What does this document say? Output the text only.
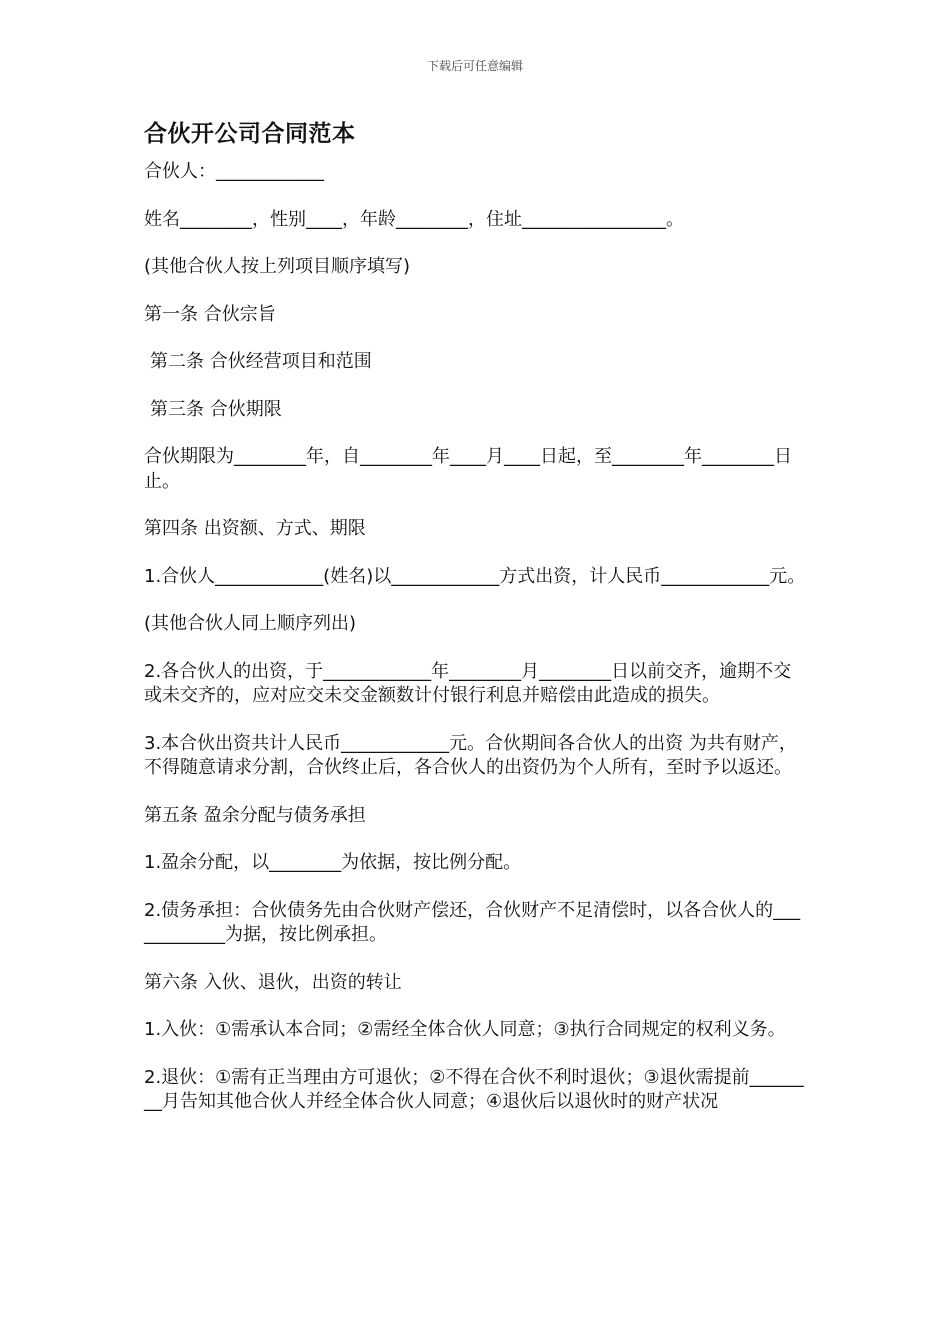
下载后可任意编辑
合伙开公司合同范本
合伙人：____________
姓名________，性别____，年龄________，住址________________。
(其他合伙人按上列项目顺序填写)
第一条 合伙宗旨
第二条 合伙经营项目和范围
第三条 合伙期限
合伙期限为________年，自________年____月____日起，至________年________日止。
第四条 出资额、方式、期限
1.合伙人____________(姓名)以____________方式出资，计人民币____________元。
(其他合伙人同上顺序列出)
2.各合伙人的出资，于____________年________月________日以前交齐，逾期不交或未交齐的，应对应交未交金额数计付银行利息并赔偿由此造成的损失。
3.本合伙出资共计人民币____________元。合伙期间各合伙人的出资 为共有财产，不得随意请求分割，合伙终止后，各合伙人的出资仍为个人所有，至时予以返还。
第五条 盈余分配与债务承担
1.盈余分配，以________为依据，按比例分配。
2.债务承担：合伙债务先由合伙财产偿还，合伙财产不足清偿时，以各合伙人的____________为据，按比例承担。
第六条 入伙、退伙，出资的转让
1.入伙：①需承认本合同；②需经全体合伙人同意；③执行合同规定的权利义务。
2.退伙：①需有正当理由方可退伙；②不得在合伙不利时退伙；③退伙需提前________月告知其他合伙人并经全体合伙人同意；④退伙后以退伙时的财产状况
